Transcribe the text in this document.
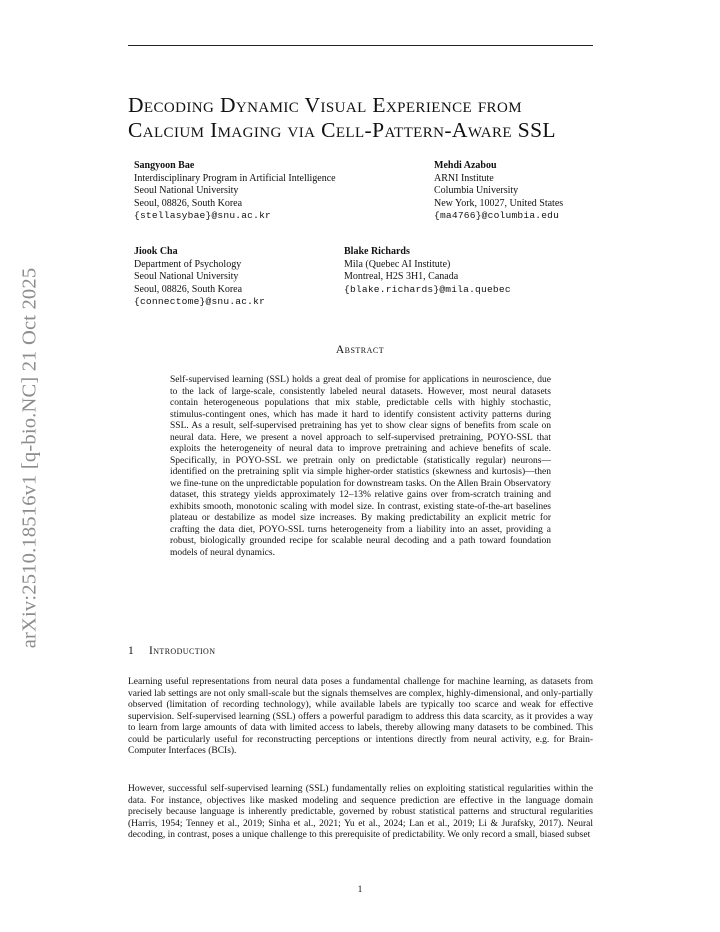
arXiv:2510.18516v1 [q-bio.NC] 21 Oct 2025
Decoding Dynamic Visual Experience from
Calcium Imaging via Cell-Pattern-Aware SSL
Sangyoon Bae
Interdisciplinary Program in Artificial Intelligence
Seoul National University
Seoul, 08826, South Korea
{stellasybae}@snu.ac.kr
Mehdi Azabou
ARNI Institute
Columbia University
New York, 10027, United States
{ma4766}@columbia.edu
Jiook Cha
Department of Psychology
Seoul National University
Seoul, 08826, South Korea
{connectome}@snu.ac.kr
Blake Richards
Mila (Quebec AI Institute)
Montreal, H2S 3H1, Canada
{blake.richards}@mila.quebec
Abstract

Self-supervised learning (SSL) holds a great deal of promise for applications in neuroscience, due to the lack of large-scale, consistently labeled neural datasets. However, most neural datasets contain heterogeneous populations that mix stable, predictable cells with highly stochastic, stimulus-contingent ones, which has made it hard to identify consistent activity patterns during SSL. As a result, self-supervised pretraining has yet to show clear signs of benefits from scale on neural data. Here, we present a novel approach to self-supervised pretraining, POYO-SSL that exploits the heterogeneity of neural data to improve pretraining and achieve benefits of scale. Specifically, in POYO-SSL we pretrain only on predictable (statistically regular) neurons—identified on the pretraining split via simple higher-order statistics (skewness and kurtosis)—then we fine-tune on the unpredictable population for downstream tasks. On the Allen Brain Observatory dataset, this strategy yields approximately 12–13% relative gains over from-scratch training and exhibits smooth, monotonic scaling with model size. In contrast, existing state-of-the-art baselines plateau or destabilize as model size increases. By making predictability an explicit metric for crafting the data diet, POYO-SSL turns heterogeneity from a liability into an asset, providing a robust, biologically grounded recipe for scalable neural decoding and a path toward foundation models of neural dynamics.

1 Introduction

Learning useful representations from neural data poses a fundamental challenge for machine learning, as datasets from varied lab settings are not only small-scale but the signals themselves are complex, highly-dimensional, and only-partially observed (limitation of recording technology), while available labels are typically too scarce and weak for effective supervision. Self-supervised learning (SSL) offers a powerful paradigm to address this data scarcity, as it provides a way to learn from large amounts of data with limited access to labels, thereby allowing many datasets to be combined. This could be particularly useful for reconstructing perceptions or intentions directly from neural activity, e.g. for Brain-Computer Interfaces (BCIs).

However, successful self-supervised learning (SSL) fundamentally relies on exploiting statistical regularities within the data. For instance, objectives like masked modeling and sequence prediction are effective in the language domain precisely because language is inherently predictable, governed by robust statistical patterns and structural regularities (Harris, 1954; Tenney et al., 2019; Sinha et al., 2021; Yu et al., 2024; Lan et al., 2019; Li & Jurafsky, 2017). Neural decoding, in contrast, poses a unique challenge to this prerequisite of predictability. We only record a small, biased subset

1
